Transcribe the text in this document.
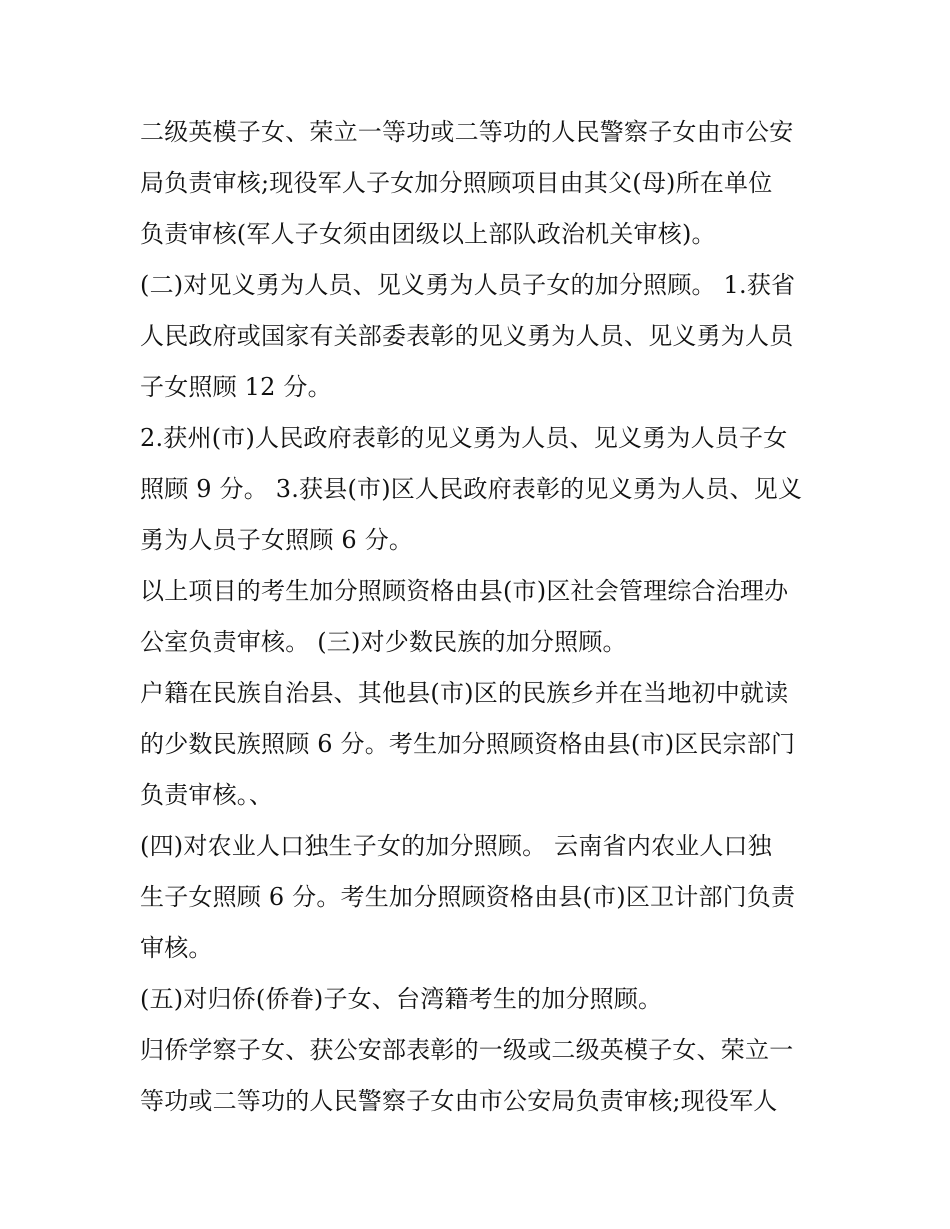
二级英模子女、荣立一等功或二等功的人民警察子女由市公安
局负责审核;现役军人子女加分照顾项目由其父(母)所在单位
负责审核(军人子女须由团级以上部队政治机关审核)。
(二)对见义勇为人员、见义勇为人员子女的加分照顾。 1.获省
人民政府或国家有关部委表彰的见义勇为人员、见义勇为人员
子女照顾 12 分。
2.获州(市)人民政府表彰的见义勇为人员、见义勇为人员子女
照顾 9 分。 3.获县(市)区人民政府表彰的见义勇为人员、见义
勇为人员子女照顾 6 分。
以上项目的考生加分照顾资格由县(市)区社会管理综合治理办
公室负责审核。 (三)对少数民族的加分照顾。
户籍在民族自治县、其他县(市)区的民族乡并在当地初中就读
的少数民族照顾 6 分。考生加分照顾资格由县(市)区民宗部门
负责审核。、
(四)对农业人口独生子女的加分照顾。 云南省内农业人口独
生子女照顾 6 分。考生加分照顾资格由县(市)区卫计部门负责
审核。
(五)对归侨(侨眷)子女、台湾籍考生的加分照顾。
归侨学察子女、获公安部表彰的一级或二级英模子女、荣立一
等功或二等功的人民警察子女由市公安局负责审核;现役军人
